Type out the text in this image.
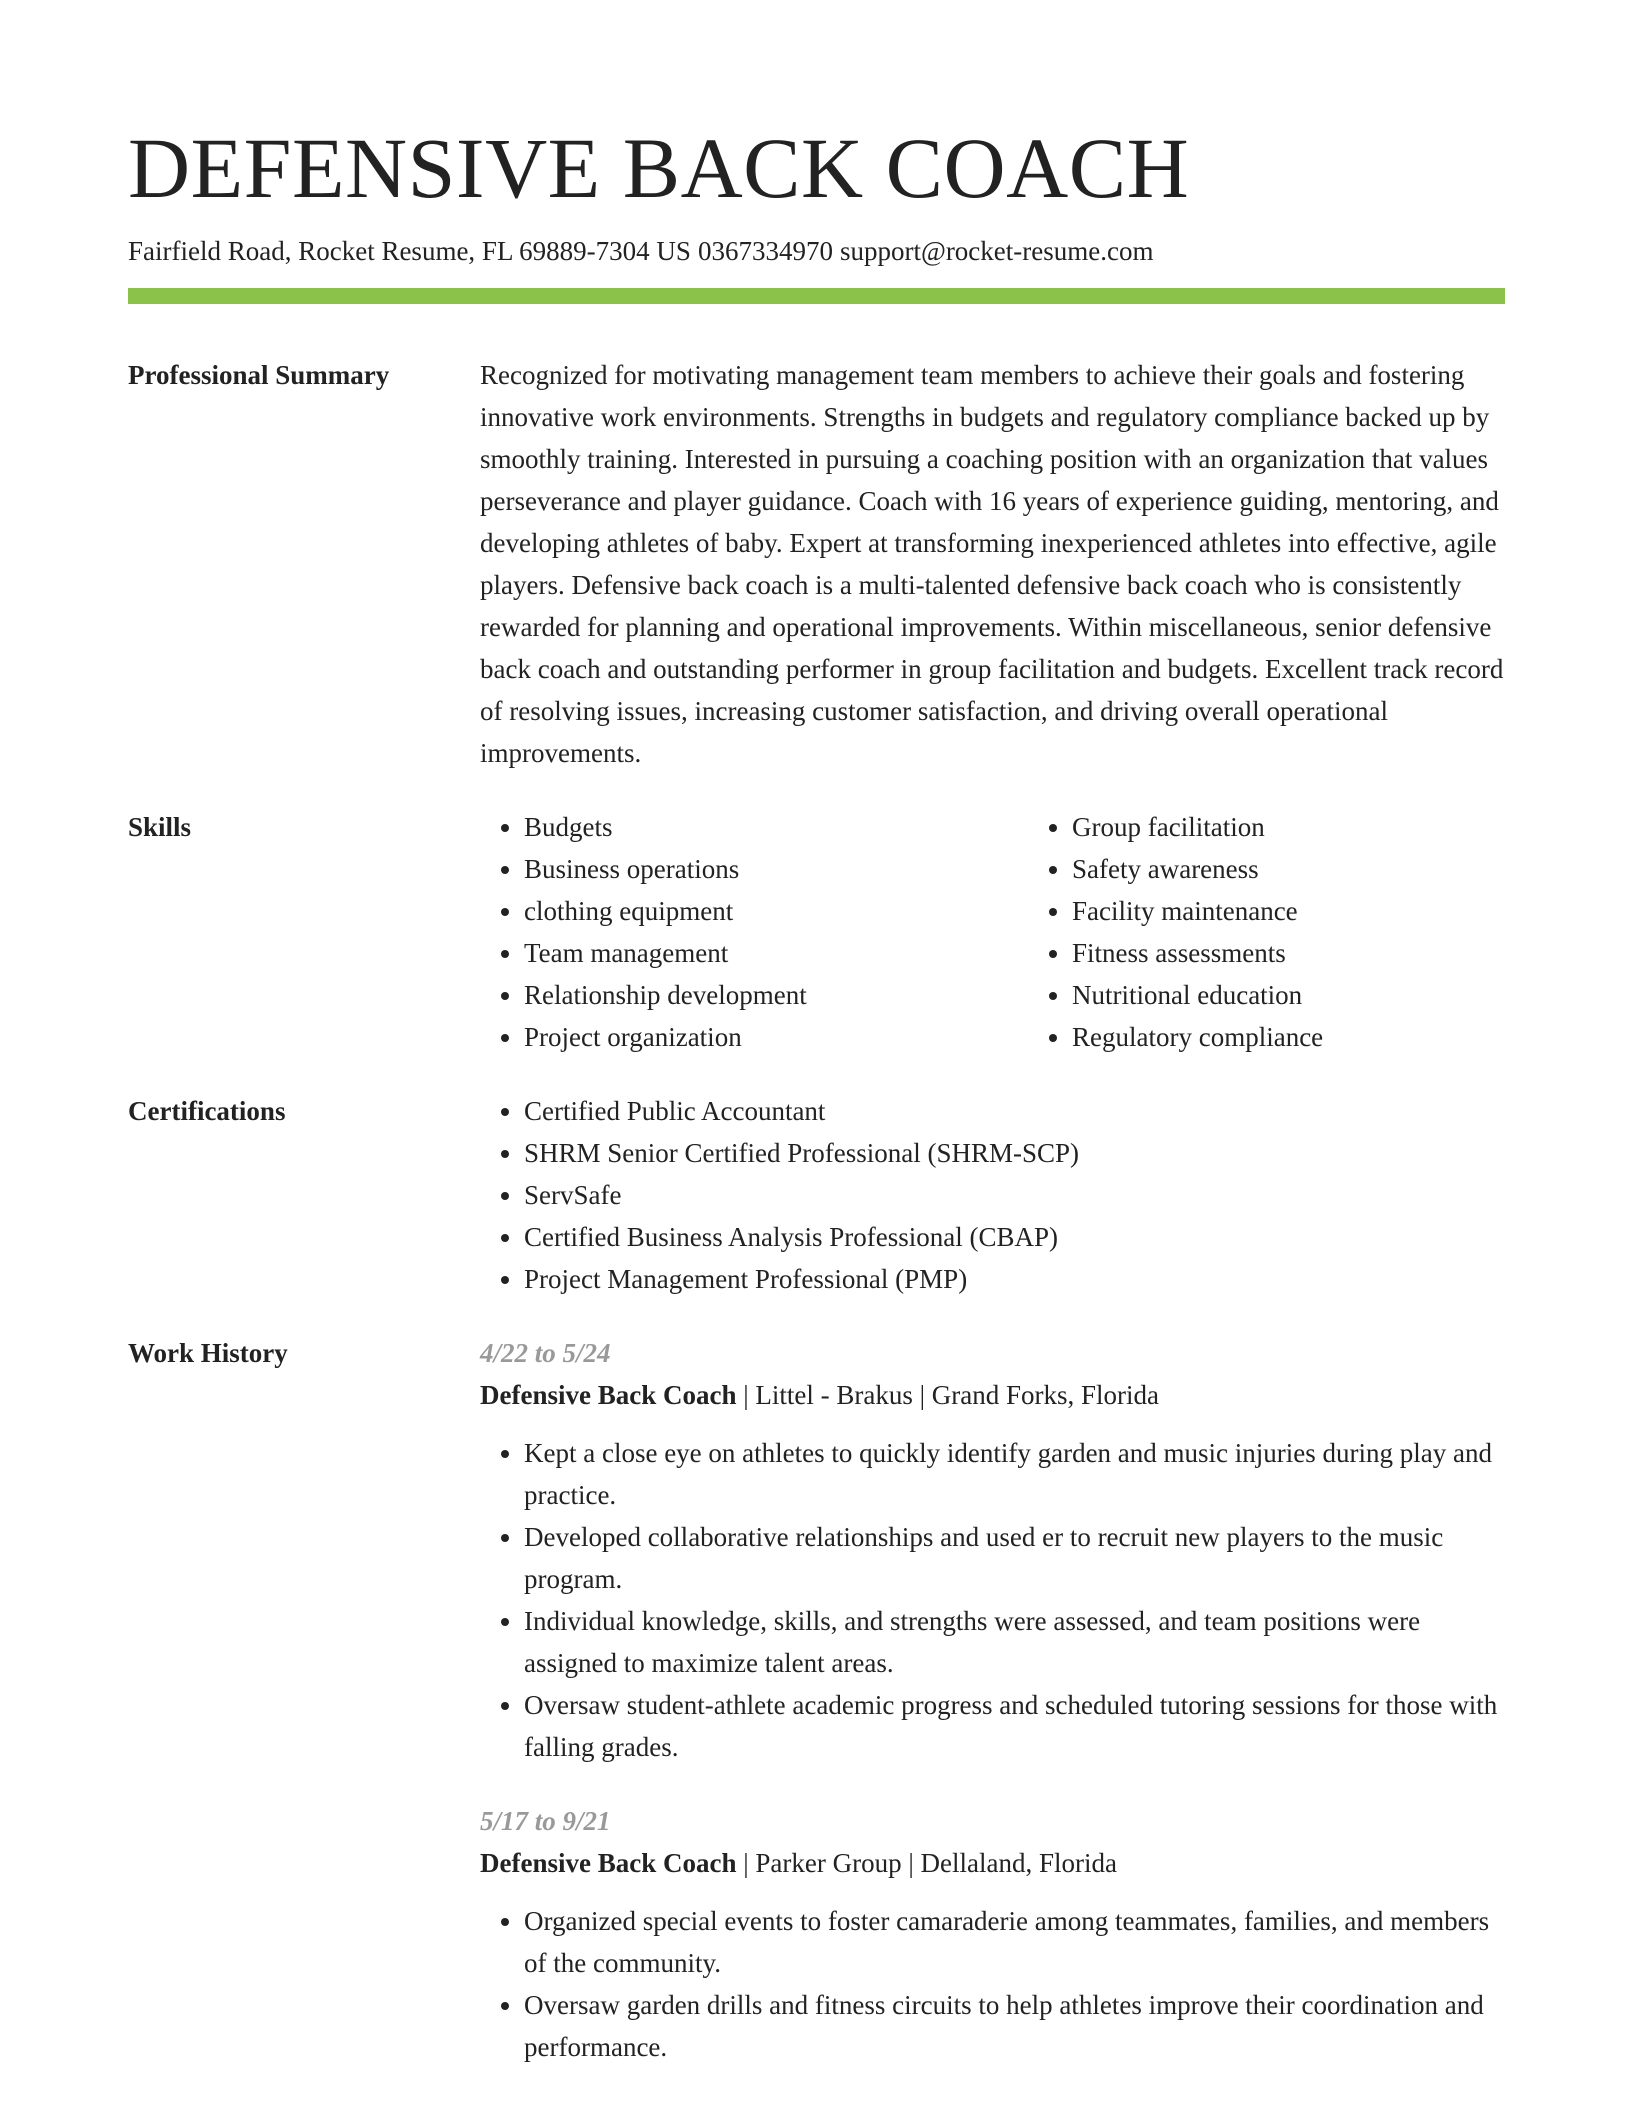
DEFENSIVE BACK COACH
Fairfield Road, Rocket Resume, FL 69889-7304 US 0367334970 support@rocket-resume.com
Professional Summary	Recognized for motivating management team members to achieve their goals and fostering innovative work environments. Strengths in budgets and regulatory compliance backed up by smoothly training. Interested in pursuing a coaching position with an organization that values perseverance and player guidance. Coach with 16 years of experience guiding, mentoring, and developing athletes of baby. Expert at transforming inexperienced athletes into effective, agile players. Defensive back coach is a multi-talented defensive back coach who is consistently rewarded for planning and operational improvements. Within miscellaneous, senior defensive back coach and outstanding performer in group facilitation and budgets. Excellent track record of resolving issues, increasing customer satisfaction, and driving overall operational improvements.

Skills	• Budgets
• Business operations
• clothing equipment
• Team management
• Relationship development
• Project organization
• Group facilitation
• Safety awareness
• Facility maintenance
• Fitness assessments
• Nutritional education
• Regulatory compliance
Certifications	• Certified Public Accountant
• SHRM Senior Certified Professional (SHRM-SCP)
• ServSafe
• Certified Business Analysis Professional (CBAP)
• Project Management Professional (PMP)
Work History	4/22 to 5/24
Defensive Back Coach | Littel - Brakus | Grand Forks, Florida
• Kept a close eye on athletes to quickly identify garden and music injuries during play and practice.
• Developed collaborative relationships and used er to recruit new players to the music program.
• Individual knowledge, skills, and strengths were assessed, and team positions were assigned to maximize talent areas.
• Oversaw student-athlete academic progress and scheduled tutoring sessions for those with falling grades.
5/17 to 9/21
Defensive Back Coach | Parker Group | Dellaland, Florida
• Organized special events to foster camaraderie among teammates, families, and members of the community.
• Oversaw garden drills and fitness circuits to help athletes improve their coordination and performance.
